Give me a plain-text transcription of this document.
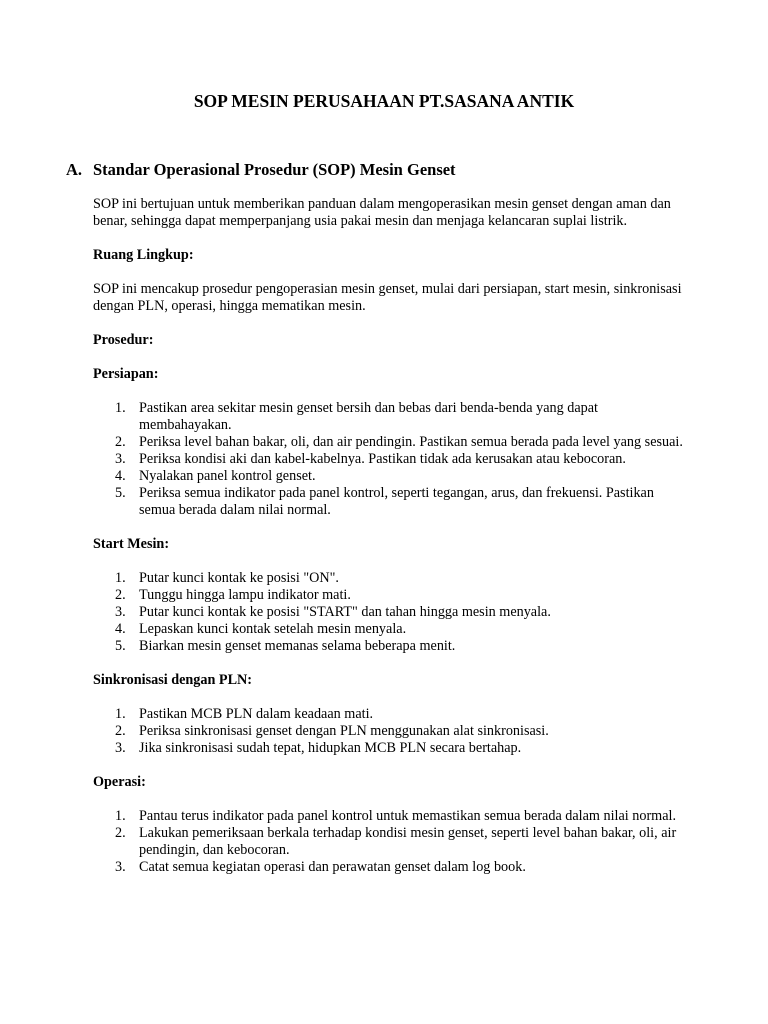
SOP MESIN PERUSAHAAN PT.SASANA ANTIK
A. Standar Operasional Prosedur (SOP) Mesin Genset

SOP ini bertujuan untuk memberikan panduan dalam mengoperasikan mesin genset dengan aman dan benar, sehingga dapat memperpanjang usia pakai mesin dan menjaga kelancaran suplai listrik.

Ruang Lingkup:

SOP ini mencakup prosedur pengoperasian mesin genset, mulai dari persiapan, start mesin, sinkronisasi dengan PLN, operasi, hingga mematikan mesin.

Prosedur:

Persiapan:

1. Pastikan area sekitar mesin genset bersih dan bebas dari benda-benda yang dapat membahayakan.
2. Periksa level bahan bakar, oli, dan air pendingin. Pastikan semua berada pada level yang sesuai.
3. Periksa kondisi aki dan kabel-kabelnya. Pastikan tidak ada kerusakan atau kebocoran.
4. Nyalakan panel kontrol genset.
5. Periksa semua indikator pada panel kontrol, seperti tegangan, arus, dan frekuensi. Pastikan semua berada dalam nilai normal.

Start Mesin:

1. Putar kunci kontak ke posisi "ON".
2. Tunggu hingga lampu indikator mati.
3. Putar kunci kontak ke posisi "START" dan tahan hingga mesin menyala.
4. Lepaskan kunci kontak setelah mesin menyala.
5. Biarkan mesin genset memanas selama beberapa menit.

Sinkronisasi dengan PLN:

1. Pastikan MCB PLN dalam keadaan mati.
2. Periksa sinkronisasi genset dengan PLN menggunakan alat sinkronisasi.
3. Jika sinkronisasi sudah tepat, hidupkan MCB PLN secara bertahap.

Operasi:

1. Pantau terus indikator pada panel kontrol untuk memastikan semua berada dalam nilai normal.
2. Lakukan pemeriksaan berkala terhadap kondisi mesin genset, seperti level bahan bakar, oli, air pendingin, dan kebocoran.
3. Catat semua kegiatan operasi dan perawatan genset dalam log book.
